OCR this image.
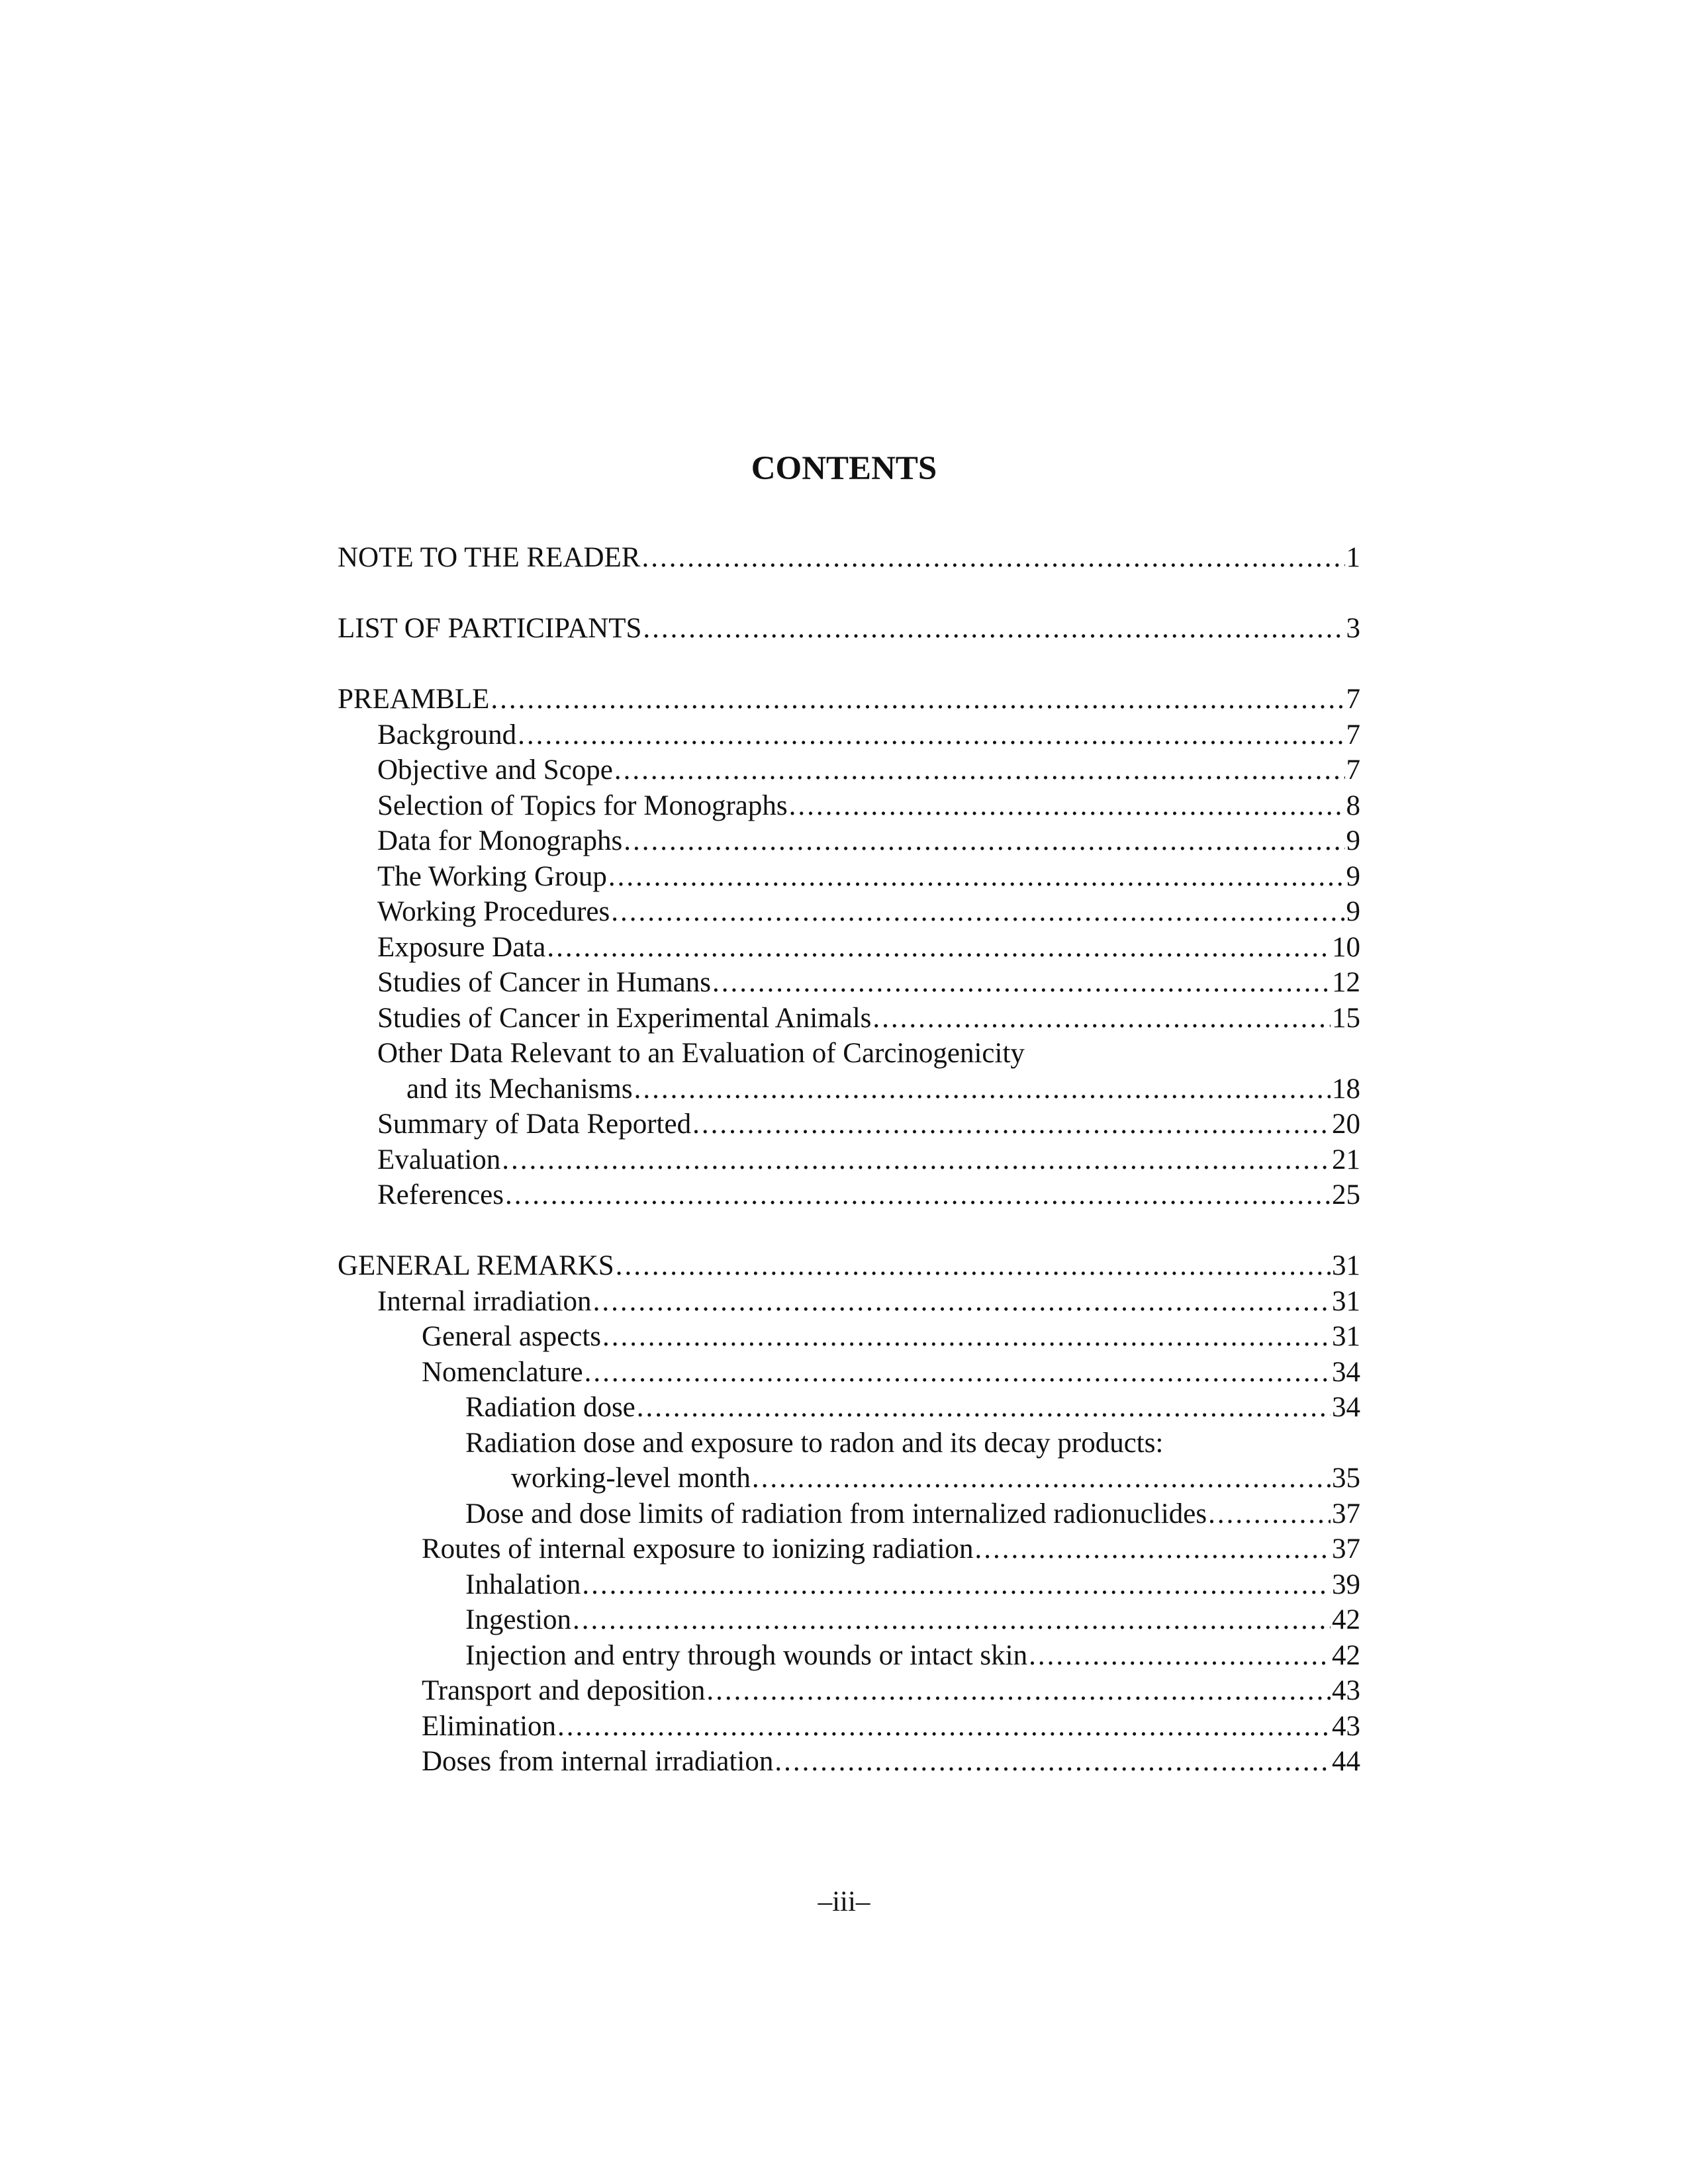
CONTENTS
NOTE TO THE READER .....	1
LIST OF PARTICIPANTS .....	3
PREAMBLE .....	7
Background .....	7
Objective and Scope .....	7
Selection of Topics for Monographs .....	8
Data for Monographs .....	9
The Working Group .....	9
Working Procedures .....	9
Exposure Data .....	10
Studies of Cancer in Humans .....	12
Studies of Cancer in Experimental Animals .....	15
Other Data Relevant to an Evaluation of Carcinogenicity
and its Mechanisms .....	18
Summary of Data Reported .....	20
Evaluation .....	21
References .....	25
GENERAL REMARKS .....	31
Internal irradiation .....	31
General aspects .....	31
Nomenclature .....	34
Radiation dose .....	34
Radiation dose and exposure to radon and its decay products:
working-level month .....	35
Dose and dose limits of radiation from internalized radionuclides .....	37
Routes of internal exposure to ionizing radiation .....	37
Inhalation .....	39
Ingestion .....	42
Injection and entry through wounds or intact skin .....	42
Transport and deposition .....	43
Elimination .....	43
Doses from internal irradiation .....	44
–iii–
